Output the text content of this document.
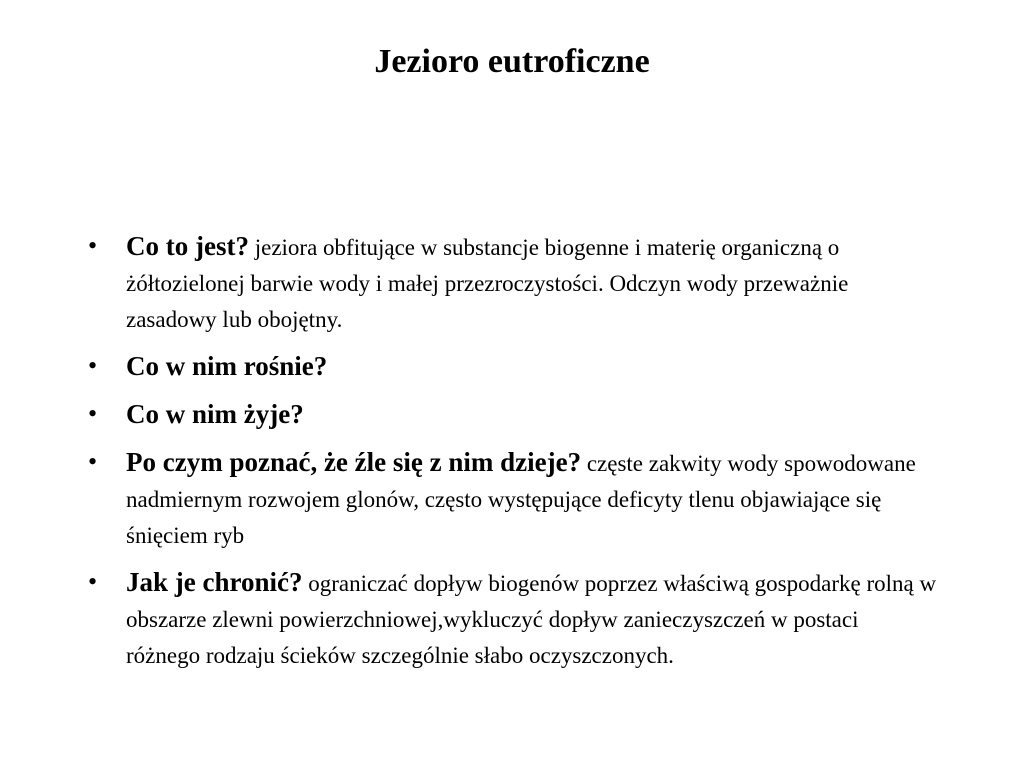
Jezioro eutroficzne
• Co to jest? jeziora obfitujące w substancje biogenne i materię organiczną o żółtozielonej barwie wody i małej przezroczystości. Odczyn wody przeważnie zasadowy lub obojętny.
• Co w nim rośnie?
• Co w nim żyje?
• Po czym poznać, że źle się z nim dzieje? częste zakwity wody spowodowane nadmiernym rozwojem glonów, często występujące deficyty tlenu objawiające się śnięciem ryb
• Jak je chronić? ograniczać dopływ biogenów poprzez właściwą gospodarkę rolną w obszarze zlewni powierzchniowej,wykluczyć dopływ zanieczyszczeń w postaci różnego rodzaju ścieków szczególnie słabo oczyszczonych.
